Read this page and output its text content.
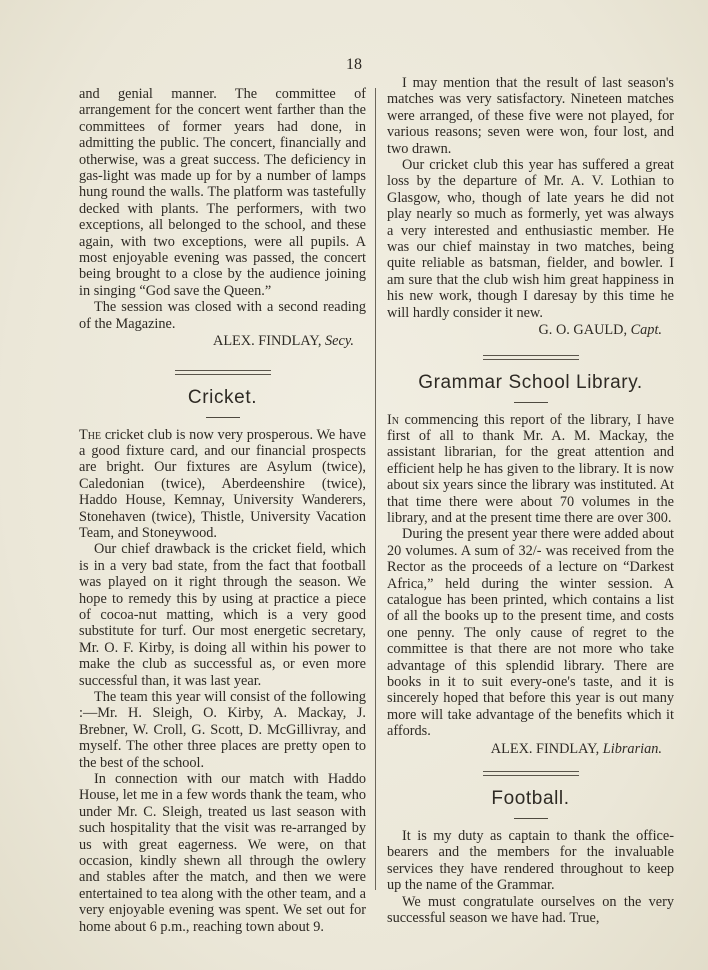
18

and genial manner. The committee of arrangement for the concert went farther than the committees of former years had done, in admitting the public. The concert, financially and otherwise, was a great success. The deficiency in gas-light was made up for by a number of lamps hung round the walls. The platform was tastefully decked with plants. The performers, with two exceptions, all belonged to the school, and these again, with two exceptions, were all pupils. A most enjoyable evening was passed, the concert being brought to a close by the audience joining in singing “God save the Queen.”

The session was closed with a second reading of the Magazine.

ALEX. FINDLAY, Secy.
Cricket.

The cricket club is now very prosperous. We have a good fixture card, and our financial prospects are bright. Our fixtures are Asylum (twice), Caledonian (twice), Aberdeenshire (twice), Haddo House, Kemnay, University Wanderers, Stonehaven (twice), Thistle, University Vacation Team, and Stoneywood.

Our chief drawback is the cricket field, which is in a very bad state, from the fact that football was played on it right through the season. We hope to remedy this by using at practice a piece of cocoa-nut matting, which is a very good substitute for turf. Our most energetic secretary, Mr. O. F. Kirby, is doing all within his power to make the club as successful as, or even more successful than, it was last year.

The team this year will consist of the following :—Mr. H. Sleigh, O. Kirby, A. Mackay, J. Brebner, W. Croll, G. Scott, D. McGillivray, and myself. The other three places are pretty open to the best of the school.

In connection with our match with Haddo House, let me in a few words thank the team, who under Mr. C. Sleigh, treated us last season with such hospitality that the visit was re-arranged by us with great eagerness. We were, on that occasion, kindly shewn all through the owlery and stables after the match, and then we were entertained to tea along with the other team, and a very enjoyable evening was spent. We set out for home about 6 p.m., reaching town about 9.

I may mention that the result of last season's matches was very satisfactory. Nineteen matches were arranged, of these five were not played, for various reasons; seven were won, four lost, and two drawn.

Our cricket club this year has suffered a great loss by the departure of Mr. A. V. Lothian to Glasgow, who, though of late years he did not play nearly so much as formerly, yet was always a very interested and enthusiastic member. He was our chief mainstay in two matches, being quite reliable as batsman, fielder, and bowler. I am sure that the club wish him great happiness in his new work, though I daresay by this time he will hardly consider it new.

G. O. GAULD, Capt.
Grammar School Library.

In commencing this report of the library, I have first of all to thank Mr. A. M. Mackay, the assistant librarian, for the great attention and efficient help he has given to the library. It is now about six years since the library was instituted. At that time there were about 70 volumes in the library, and at the present time there are over 300.

During the present year there were added about 20 volumes. A sum of 32/- was received from the Rector as the proceeds of a lecture on “Darkest Africa,” held during the winter session. A catalogue has been printed, which contains a list of all the books up to the present time, and costs one penny. The only cause of regret to the committee is that there are not more who take advantage of this splendid library. There are books in it to suit every-one's taste, and it is sincerely hoped that before this year is out many more will take advantage of the benefits which it affords.

ALEX. FINDLAY, Librarian.
Football.

It is my duty as captain to thank the office-bearers and the members for the invaluable services they have rendered throughout to keep up the name of the Grammar.

We must congratulate ourselves on the very successful season we have had. True,
